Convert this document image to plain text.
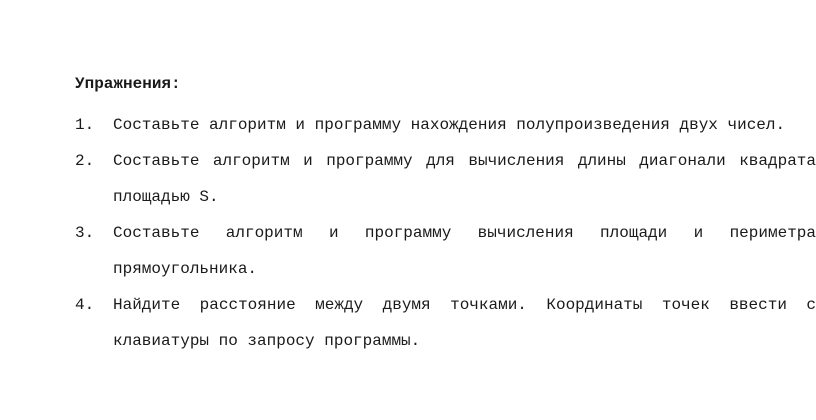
Упражнения:
1. Составьте алгоритм и программу нахождения полупроизведения двух чисел.
2. Составьте алгоритм и программу для вычисления длины диагонали квадрата площадью S.
3. Составьте алгоритм и программу вычисления площади и периметра прямоугольника.
4. Найдите расстояние между двумя точками. Координаты точек ввести с клавиатуры по запросу программы.
